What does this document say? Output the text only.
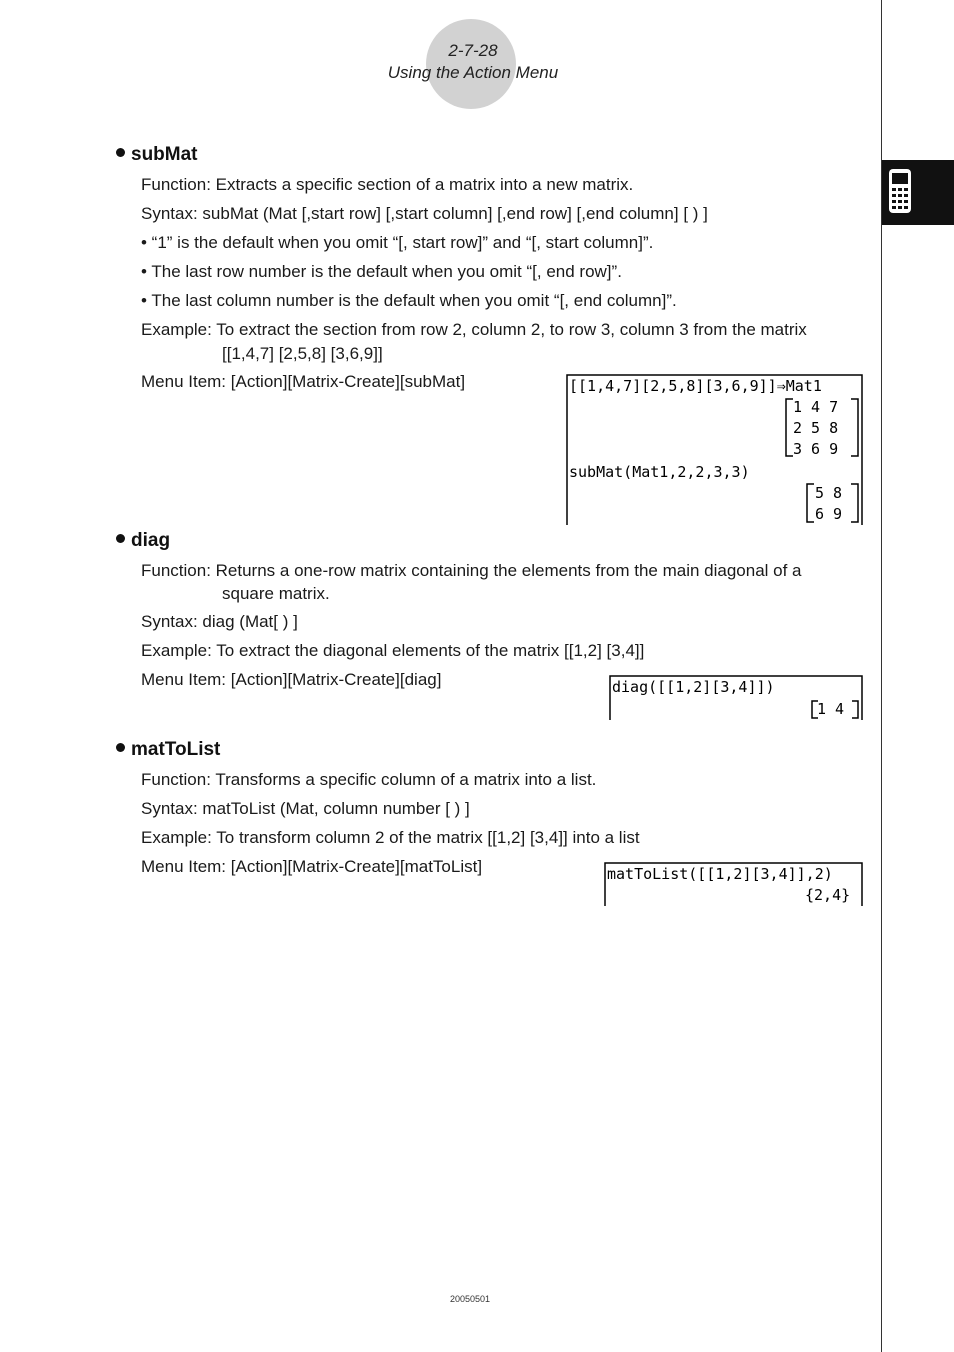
2-7-28
Using the Action Menu
subMat
Function: Extracts a specific section of a matrix into a new matrix.
Syntax: subMat (Mat [,start row] [,start column] [,end row] [,end column] [ ) ]
• “1” is the default when you omit “[, start row]” and “[, start column]”.
• The last row number is the default when you omit “[, end row]”.
• The last column number is the default when you omit “[, end column]”.
Example: To extract the section from row 2, column 2, to row 3, column 3 from the matrix
[[1,4,7] [2,5,8] [3,6,9]]
Menu Item: [Action][Matrix-Create][subMat]	[[1,4,7][2,5,8][3,6,9]]⇒Mat1
1 4 7
2 5 8
3 6 9
subMat(Mat1,2,2,3,3)
5 8
6 9
diag
Function: Returns a one-row matrix containing the elements from the main diagonal of a
square matrix.
Syntax: diag (Mat[ ) ]
Example: To extract the diagonal elements of the matrix [[1,2] [3,4]]
Menu Item: [Action][Matrix-Create][diag]	diag([[1,2][3,4]])
1 4
matToList
Function: Transforms a specific column of a matrix into a list.
Syntax: matToList (Mat, column number [ ) ]
Example: To transform column 2 of the matrix [[1,2] [3,4]] into a list
Menu Item: [Action][Matrix-Create][matToList]	matToList([[1,2][3,4]],2)
{2,4}
20050501
